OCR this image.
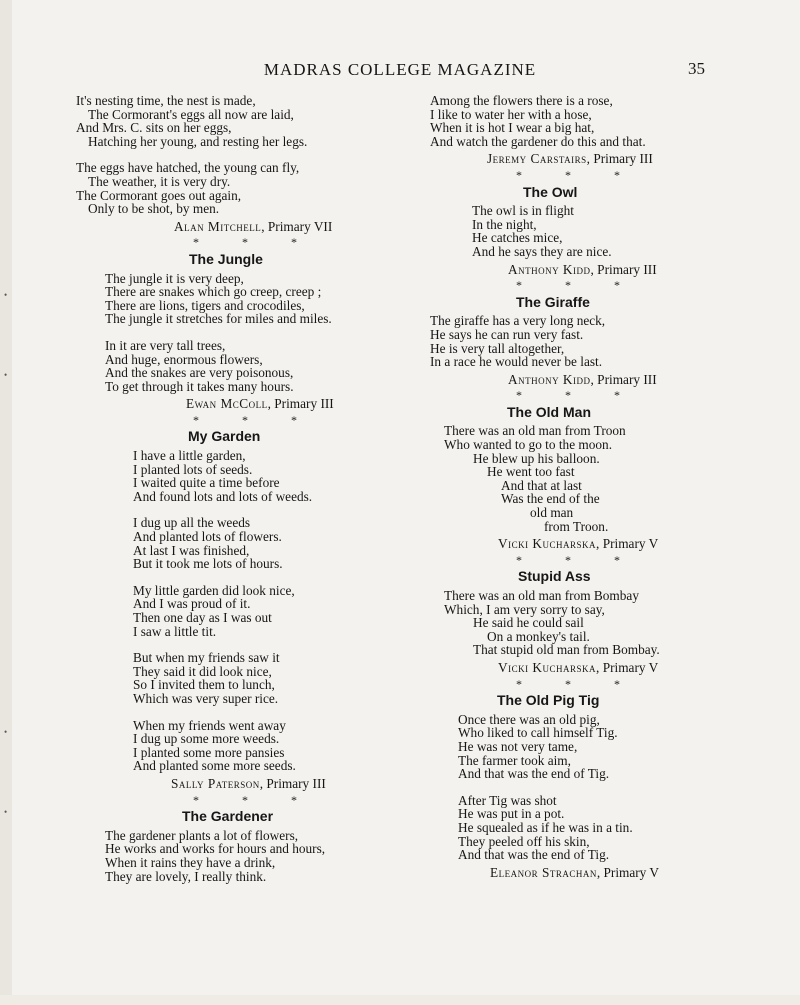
•
•
•
•
MADRAS COLLEGE MAGAZINE	35
It's nesting time, the nest is made,
The Cormorant's eggs all now are laid,
And Mrs. C. sits on her eggs,
Hatching her young, and resting her legs.
The eggs have hatched, the young can fly,
The weather, it is very dry.
The Cormorant goes out again,
Only to be shot, by men.
Alan Mitchell, Primary VII
* * *
The Jungle
The jungle it is very deep,
There are snakes which go creep, creep ;
There are lions, tigers and crocodiles,
The jungle it stretches for miles and miles.
In it are very tall trees,
And huge, enormous flowers,
And the snakes are very poisonous,
To get through it takes many hours.
Ewan McColl, Primary III
* * *
My Garden
I have a little garden,
I planted lots of seeds.
I waited quite a time before
And found lots and lots of weeds.
I dug up all the weeds
And planted lots of flowers.
At last I was finished,
But it took me lots of hours.
My little garden did look nice,
And I was proud of it.
Then one day as I was out
I saw a little tit.
But when my friends saw it
They said it did look nice,
So I invited them to lunch,
Which was very super rice.
When my friends went away
I dug up some more weeds.
I planted some more pansies
And planted some more seeds.
Sally Paterson, Primary III
* * *
The Gardener
The gardener plants a lot of flowers,
He works and works for hours and hours,
When it rains they have a drink,
They are lovely, I really think.
Among the flowers there is a rose,
I like to water her with a hose,
When it is hot I wear a big hat,
And watch the gardener do this and that.
Jeremy Carstairs, Primary III
* * *
The Owl
The owl is in flight
In the night,
He catches mice,
And he says they are nice.
Anthony Kidd, Primary III
* * *
The Giraffe
The giraffe has a very long neck,
He says he can run very fast.
He is very tall altogether,
In a race he would never be last.
Anthony Kidd, Primary III
* * *
The Old Man
There was an old man from Troon
Who wanted to go to the moon.
He blew up his balloon.
He went too fast
And that at last
Was the end of the
old man
from Troon.
Vicki Kucharska, Primary V
* * *
Stupid Ass
There was an old man from Bombay
Which, I am very sorry to say,
He said he could sail
On a monkey's tail.
That stupid old man from Bombay.
Vicki Kucharska, Primary V
* * *
The Old Pig Tig
Once there was an old pig,
Who liked to call himself Tig.
He was not very tame,
The farmer took aim,
And that was the end of Tig.
After Tig was shot
He was put in a pot.
He squealed as if he was in a tin.
They peeled off his skin,
And that was the end of Tig.
Eleanor Strachan, Primary V
